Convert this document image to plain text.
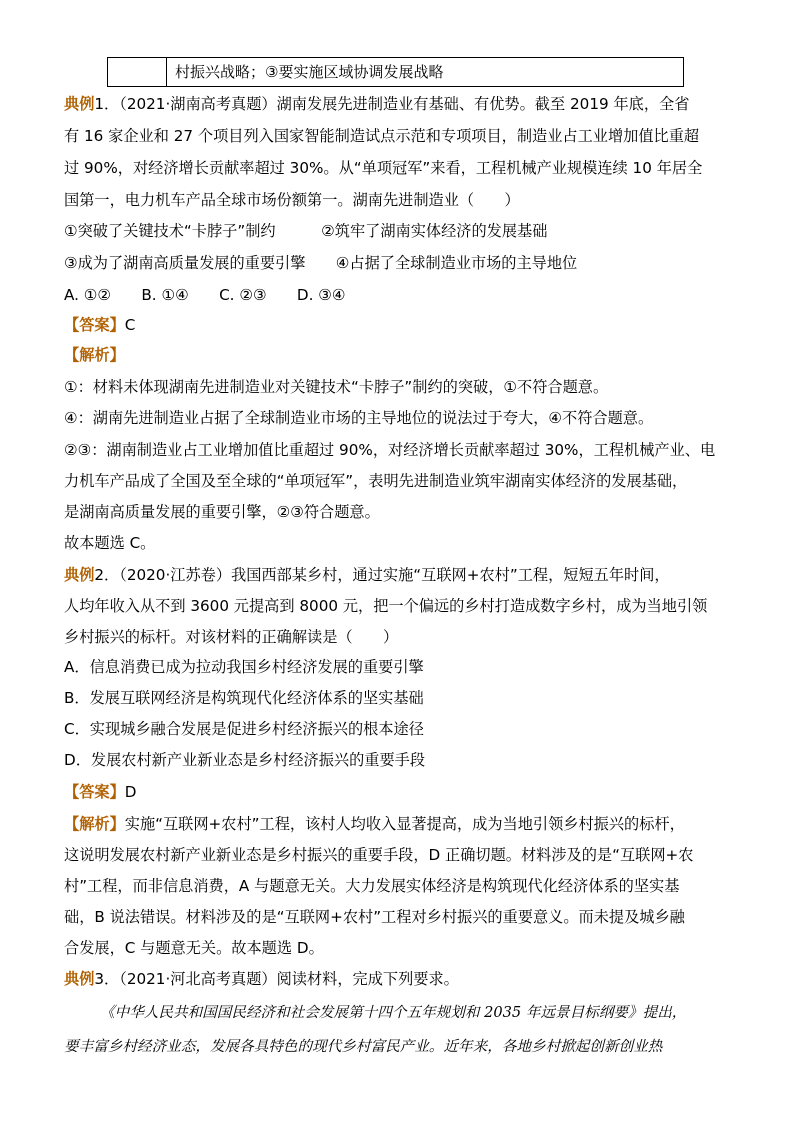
村振兴战略；③要实施区域协调发展战略
典例1．（2021·湖南高考真题）湖南发展先进制造业有基础、有优势。截至 2019 年底，全省
有 16 家企业和 27 个项目列入国家智能制造试点示范和专项项目，制造业占工业增加值比重超
过 90%，对经济增长贡献率超过 30%。从“单项冠军”来看，工程机械产业规模连续 10 年居全
国第一，电力机车产品全球市场份额第一。湖南先进制造业（　　）
①突破了关键技术“卡脖子”制约　　　②筑牢了湖南实体经济的发展基础
③成为了湖南高质量发展的重要引擎　　④占据了全球制造业市场的主导地位
A. ①②　　B. ①④　　C. ②③　　D. ③④
【答案】C
【解析】
①：材料未体现湖南先进制造业对关键技术“卡脖子”制约的突破，①不符合题意。
④：湖南先进制造业占据了全球制造业市场的主导地位的说法过于夸大，④不符合题意。
②③：湖南制造业占工业增加值比重超过 90%，对经济增长贡献率超过 30%，工程机械产业、电
力机车产品成了全国及至全球的“单项冠军”，表明先进制造业筑牢湖南实体经济的发展基础，
是湖南高质量发展的重要引擎，②③符合题意。
故本题选 C。
典例2．（2020·江苏卷）我国西部某乡村，通过实施“互联网+农村”工程，短短五年时间，
人均年收入从不到 3600 元提高到 8000 元，把一个偏远的乡村打造成数字乡村，成为当地引领
乡村振兴的标杆。对该材料的正确解读是（　　）
A．信息消费已成为拉动我国乡村经济发展的重要引擎
B．发展互联网经济是构筑现代化经济体系的坚实基础
C．实现城乡融合发展是促进乡村经济振兴的根本途径
D．发展农村新产业新业态是乡村经济振兴的重要手段
【答案】D
【解析】实施“互联网+农村”工程，该村人均收入显著提高，成为当地引领乡村振兴的标杆，
这说明发展农村新产业新业态是乡村振兴的重要手段，D 正确切题。材料涉及的是“互联网+农
村”工程，而非信息消费，A 与题意无关。大力发展实体经济是构筑现代化经济体系的坚实基
础，B 说法错误。材料涉及的是“互联网+农村”工程对乡村振兴的重要意义。而未提及城乡融
合发展，C 与题意无关。故本题选 D。
典例3．（2021·河北高考真题）阅读材料，完成下列要求。
《中华人民共和国国民经济和社会发展第十四个五年规划和 2035 年远景目标纲要》提出，
要丰富乡村经济业态，发展各具特色的现代乡村富民产业。近年来，各地乡村掀起创新创业热
